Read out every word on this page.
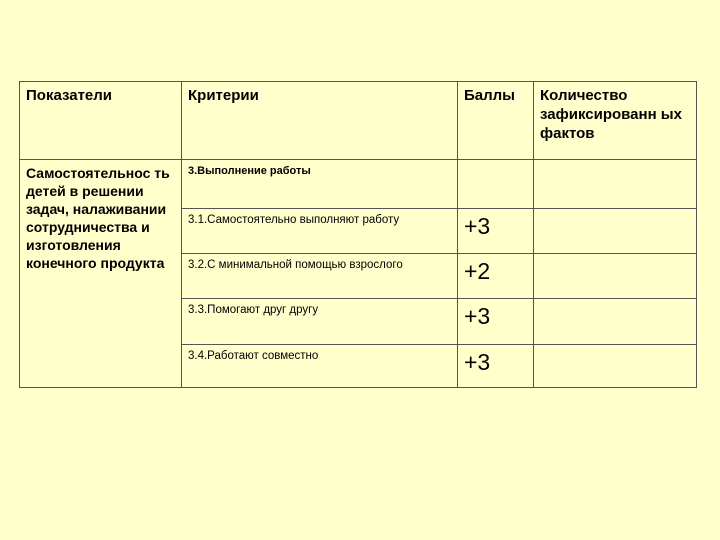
Показатели	Критерии	Баллы	Количество зафиксированн ых фактов
Самостоятельнос ть детей в решении задач, налаживании сотрудничества и изготовления конечного продукта	3.Выполнение работы		
	3.1.Самостоятельно выполняют работу	+3	
	3.2.С минимальной помощью взрослого	+2	
	3.3.Помогают друг другу	+3	
	3.4.Работают совместно	+3	
